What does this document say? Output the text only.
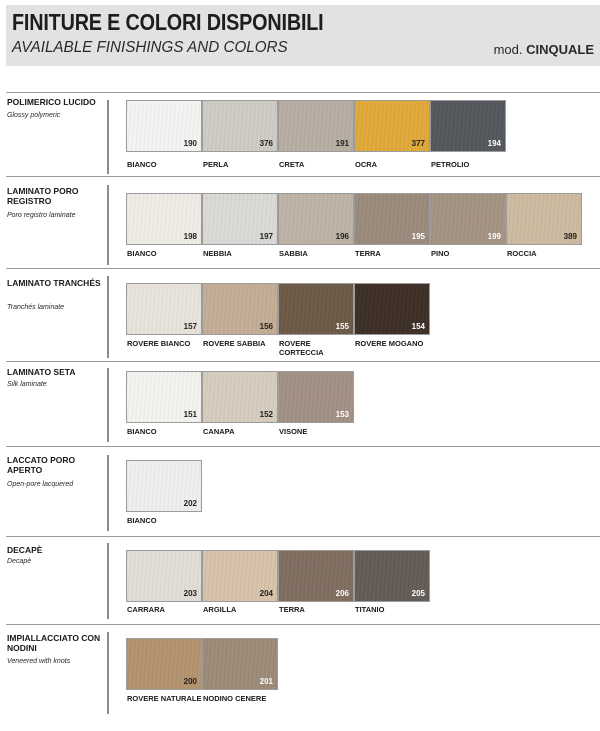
FINITURE E COLORI DISPONIBILI
AVAILABLE FINISHINGS AND COLORS	mod. CINQUALE
POLIMERICO LUCIDO
Glossy polymeric
190
BIANCO
376
PERLA
191
CRETA
377
OCRA
194
PETROLIO
LAMINATO PORO REGISTRO
Poro registro laminate
198
BIANCO
197
NEBBIA
196
SABBIA
195
TERRA
199
PINO
389
ROCCIA
LAMINATO TRANCHÉS
Tranchés laminate
157
ROVERE BIANCO
156
ROVERE SABBIA
155
ROVERE CORTECCIA
154
ROVERE MOGANO
LAMINATO SETA
Silk laminate
151
BIANCO
152
CANAPA
153
VISONE
LACCATO PORO APERTO
Open-pore lacquered
202
BIANCO
DECAPÈ
Decapè
203
CARRARA
204
ARGILLA
206
TERRA
205
TITANIO
IMPIALLACCIATO CON NODINI
Veneered with knots
200
ROVERE NATURALE
201
NODINO CENERE
